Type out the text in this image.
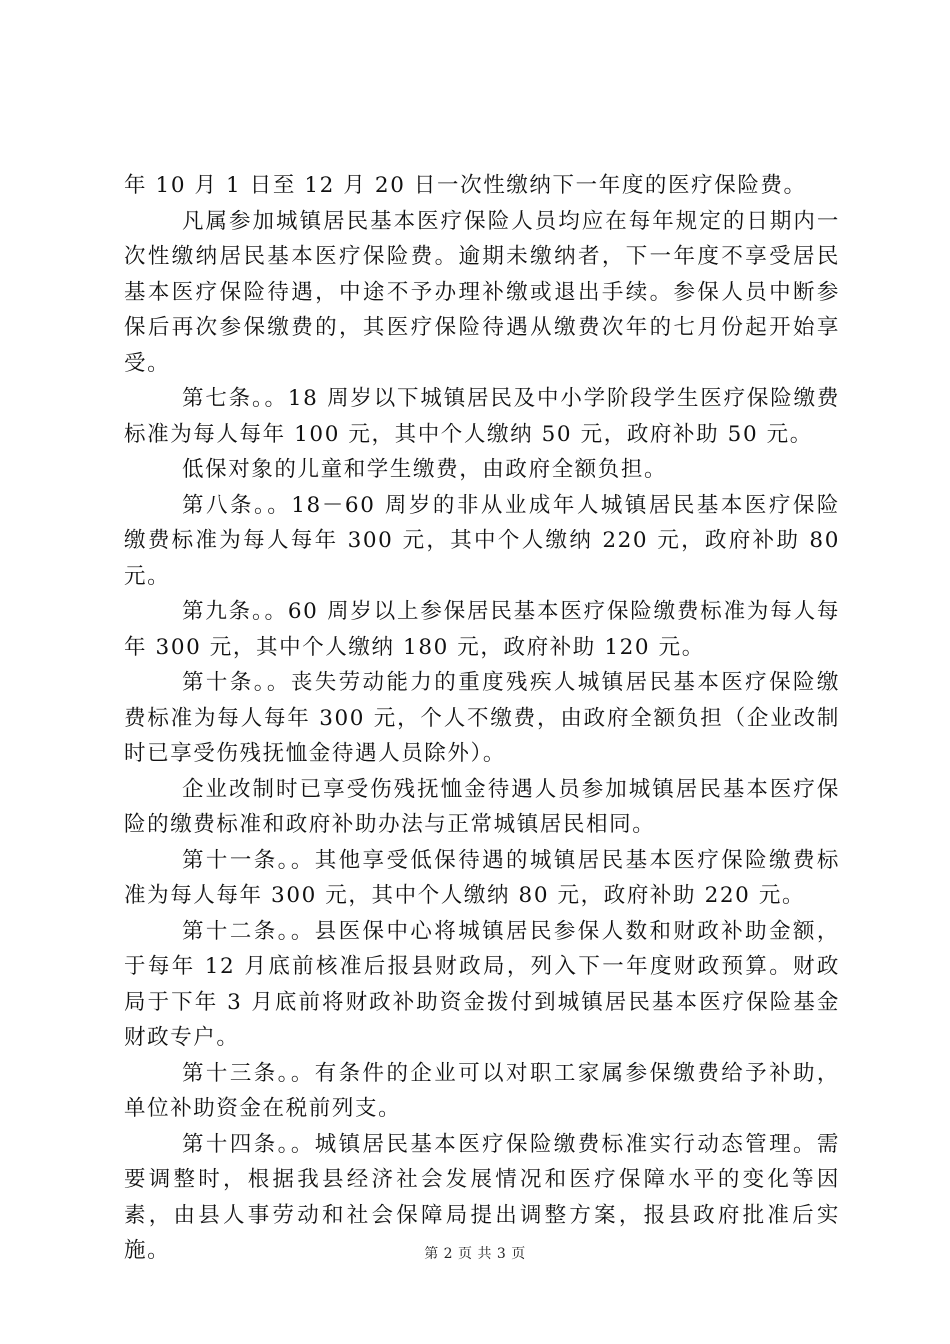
年 10 月 1 日至 12 月 20 日一次性缴纳下一年度的医疗保险费。

凡属参加城镇居民基本医疗保险人员均应在每年规定的日期内一次性缴纳居民基本医疗保险费。逾期未缴纳者，下一年度不享受居民基本医疗保险待遇，中途不予办理补缴或退出手续。参保人员中断参保后再次参保缴费的，其医疗保险待遇从缴费次年的七月份起开始享受。

第七条。。18 周岁以下城镇居民及中小学阶段学生医疗保险缴费标准为每人每年 100 元，其中个人缴纳 50 元，政府补助 50 元。

低保对象的儿童和学生缴费，由政府全额负担。

第八条。。18－60 周岁的非从业成年人城镇居民基本医疗保险缴费标准为每人每年 300 元，其中个人缴纳 220 元，政府补助 80 元。

第九条。。60 周岁以上参保居民基本医疗保险缴费标准为每人每年 300 元，其中个人缴纳 180 元，政府补助 120 元。

第十条。。丧失劳动能力的重度残疾人城镇居民基本医疗保险缴费标准为每人每年 300 元，个人不缴费，由政府全额负担（企业改制时已享受伤残抚恤金待遇人员除外）。

企业改制时已享受伤残抚恤金待遇人员参加城镇居民基本医疗保险的缴费标准和政府补助办法与正常城镇居民相同。

第十一条。。其他享受低保待遇的城镇居民基本医疗保险缴费标准为每人每年 300 元，其中个人缴纳 80 元，政府补助 220 元。

第十二条。。县医保中心将城镇居民参保人数和财政补助金额，于每年 12 月底前核准后报县财政局，列入下一年度财政预算。财政局于下年 3 月底前将财政补助资金拨付到城镇居民基本医疗保险基金财政专户。

第十三条。。有条件的企业可以对职工家属参保缴费给予补助，单位补助资金在税前列支。

第十四条。。城镇居民基本医疗保险缴费标准实行动态管理。需要调整时，根据我县经济社会发展情况和医疗保障水平的变化等因素，由县人事劳动和社会保障局提出调整方案，报县政府批准后实施。	第 2 页 共 3 页
